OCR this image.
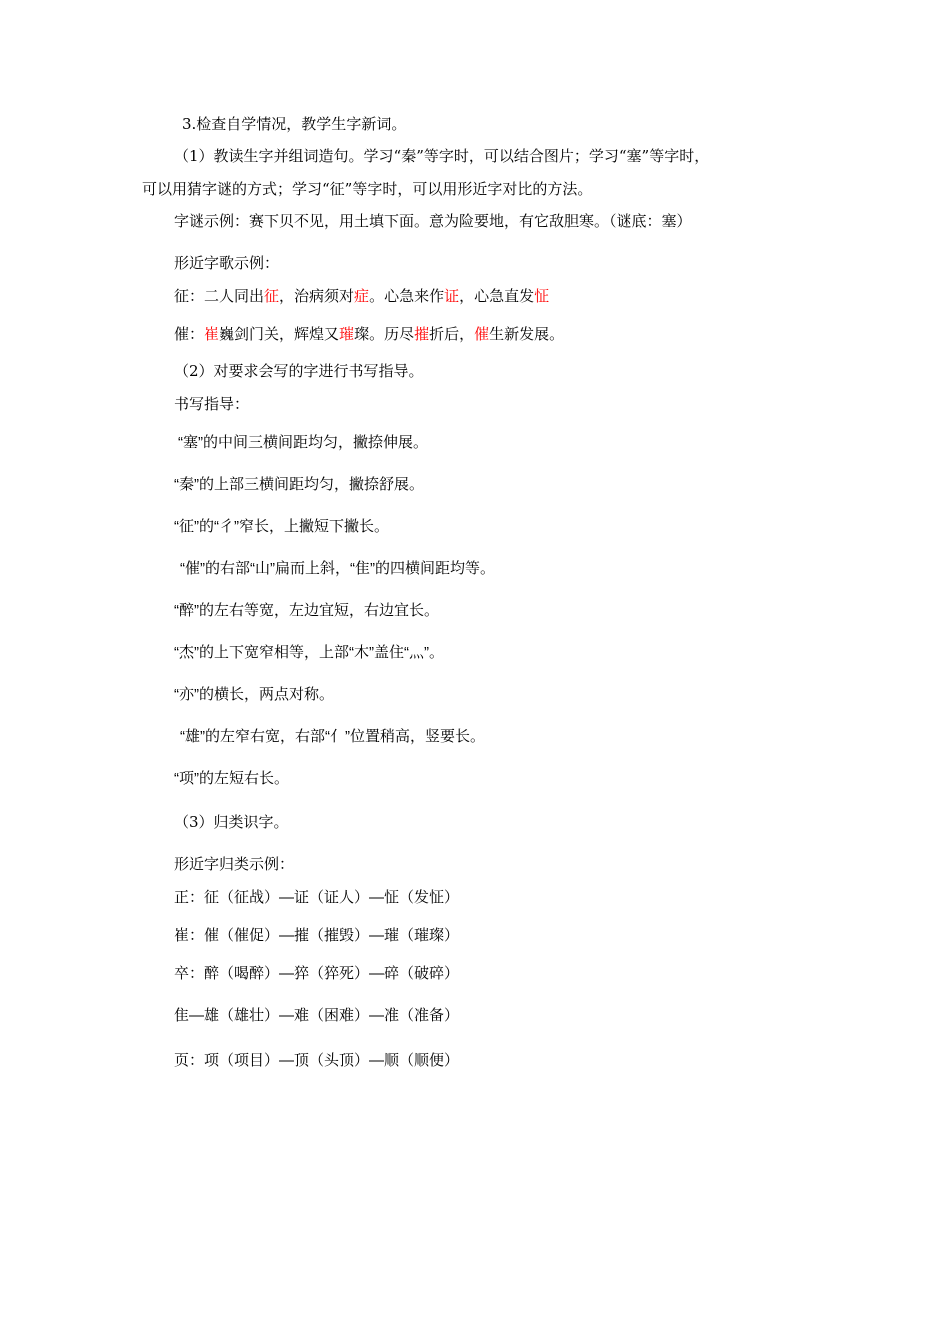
3.检查自学情况，教学生字新词。
（1）教读生字并组词造句。学习“秦”等字时，可以结合图片；学习“塞”等字时，
可以用猜字谜的方式；学习“征”等字时，可以用形近字对比的方法。
字谜示例：赛下贝不见，用土填下面。意为险要地，有它敌胆寒。（谜底：塞）
形近字歌示例：
征：二人同出征，治病须对症。心急来作证，心急直发怔
催：崔巍剑门关，辉煌又璀璨。历尽摧折后，催生新发展。
（2）对要求会写的字进行书写指导。
书写指导：
“塞”的中间三横间距均匀，撇捺伸展。
“秦”的上部三横间距均匀，撇捺舒展。
“征”的“彳”窄长，上撇短下撇长。
“催”的右部“山”扁而上斜，“隹”的四横间距均等。
“醉”的左右等宽，左边宜短，右边宜长。
“杰”的上下宽窄相等，上部“木”盖住“灬”。
“亦”的横长，两点对称。
“雄”的左窄右宽，右部“亻”位置稍高，竖要长。
“项”的左短右长。
（3）归类识字。
形近字归类示例：
正：征（征战）—证（证人）—怔（发怔）
崔：催（催促）—摧（摧毁）—璀（璀璨）
卒：醉（喝醉）—猝（猝死）—碎（破碎）
隹—雄（雄壮）—难（困难）—准（准备）
页：项（项目）—顶（头顶）—顺（顺便）
